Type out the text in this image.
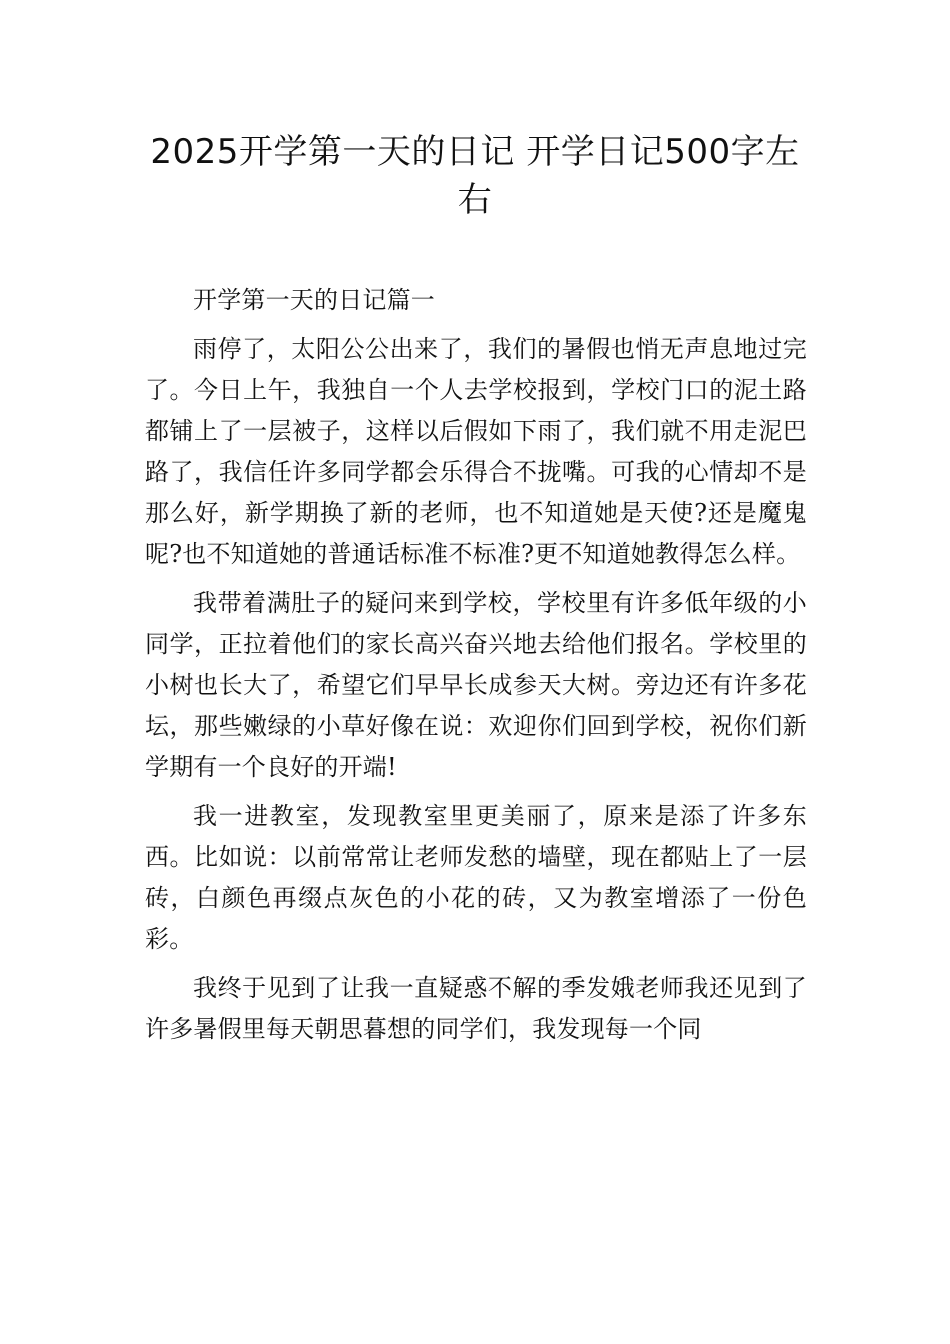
2025开学第一天的日记 开学日记500字左右

开学第一天的日记篇一

雨停了，太阳公公出来了，我们的暑假也悄无声息地过完了。今日上午，我独自一个人去学校报到，学校门口的泥土路都铺上了一层被子，这样以后假如下雨了，我们就不用走泥巴路了，我信任许多同学都会乐得合不拢嘴。可我的心情却不是那么好，新学期换了新的老师，也不知道她是天使?还是魔鬼呢?也不知道她的普通话标准不标准?更不知道她教得怎么样。

我带着满肚子的疑问来到学校，学校里有许多低年级的小同学，正拉着他们的家长高兴奋兴地去给他们报名。学校里的小树也长大了，希望它们早早长成参天大树。旁边还有许多花坛，那些嫩绿的小草好像在说：欢迎你们回到学校，祝你们新学期有一个良好的开端!

我一进教室，发现教室里更美丽了，原来是添了许多东西。比如说：以前常常让老师发愁的墙壁，现在都贴上了一层砖，白颜色再缀点灰色的小花的砖，又为教室增添了一份色彩。

我终于见到了让我一直疑惑不解的季发娥老师我还见到了许多暑假里每天朝思暮想的同学们，我发现每一个同
